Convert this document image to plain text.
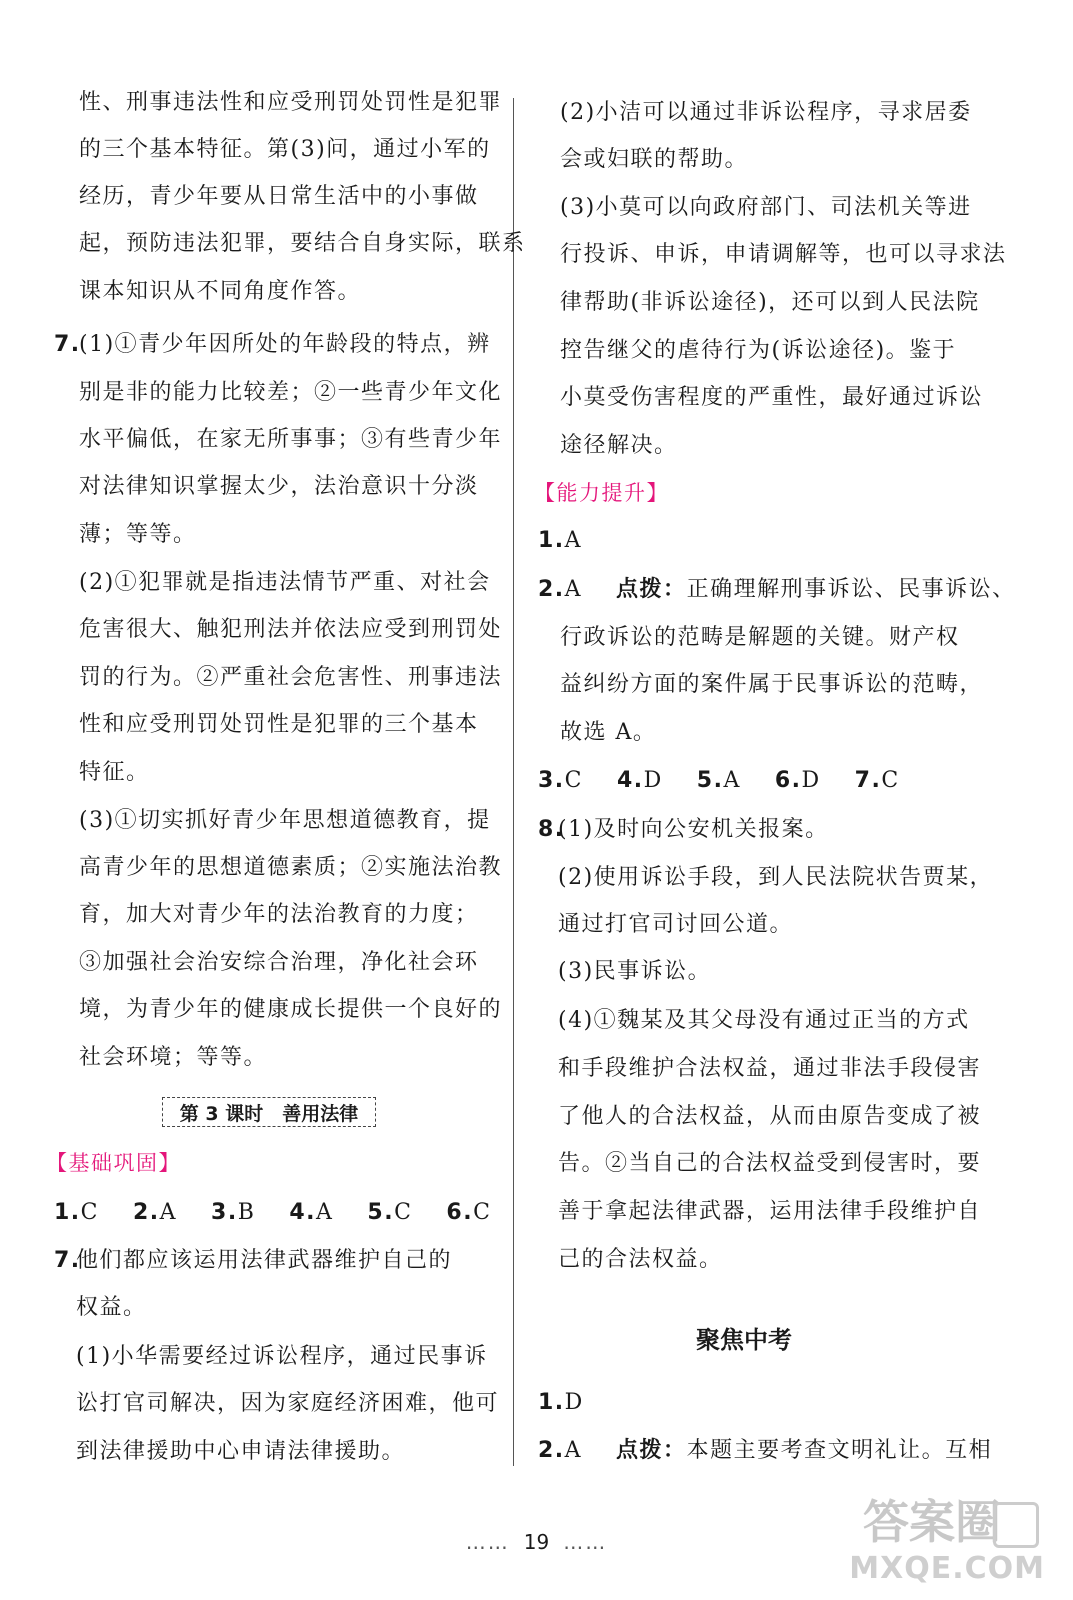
性、刑事违法性和应受刑罚处罚性是犯罪
的三个基本特征。第(3)问，通过小军的
经历，青少年要从日常生活中的小事做
起，预防违法犯罪，要结合自身实际，联系
课本知识从不同角度作答。
7.
(1)①青少年因所处的年龄段的特点，辨
别是非的能力比较差；②一些青少年文化
水平偏低，在家无所事事；③有些青少年
对法律知识掌握太少，法治意识十分淡
薄；等等。
(2)①犯罪就是指违法情节严重、对社会
危害很大、触犯刑法并依法应受到刑罚处
罚的行为。②严重社会危害性、刑事违法
性和应受刑罚处罚性是犯罪的三个基本
特征。
(3)①切实抓好青少年思想道德教育，提
高青少年的思想道德素质；②实施法治教
育，加大对青少年的法治教育的力度；
③加强社会治安综合治理，净化社会环
境，为青少年的健康成长提供一个良好的
社会环境；等等。
【基础巩固】
1.C 2.A 3.B 4.A 5.C 6.C
7.
他们都应该运用法律武器维护自己的
权益。
(1)小华需要经过诉讼程序，通过民事诉
讼打官司解决，因为家庭经济困难，他可
到法律援助中心申请法律援助。
第 3 课时　善用法律
(2)小洁可以通过非诉讼程序，寻求居委
会或妇联的帮助。
(3)小莫可以向政府部门、司法机关等进
行投诉、申诉，申请调解等，也可以寻求法
律帮助(非诉讼途径)，还可以到人民法院
控告继父的虐待行为(诉讼途径)。鉴于
小莫受伤害程度的严重性，最好通过诉讼
途径解决。
【能力提升】
1.A
2.A 点拨：正确理解刑事诉讼、民事诉讼、
行政诉讼的范畴是解题的关键。财产权
益纠纷方面的案件属于民事诉讼的范畴，
故选 A。
3.C 4.D 5.A 6.D 7.C
8.
(1)及时向公安机关报案。
(2)使用诉讼手段，到人民法院状告贾某，
通过打官司讨回公道。
(3)民事诉讼。
(4)①魏某及其父母没有通过正当的方式
和手段维护合法权益，通过非法手段侵害
了他人的合法权益，从而由原告变成了被
告。②当自己的合法权益受到侵害时，要
善于拿起法律武器，运用法律手段维护自
己的合法权益。
1.D
2.A 点拨：本题主要考查文明礼让。互相
聚焦中考
…… 19 ……	答案圈
MXQE.COM
